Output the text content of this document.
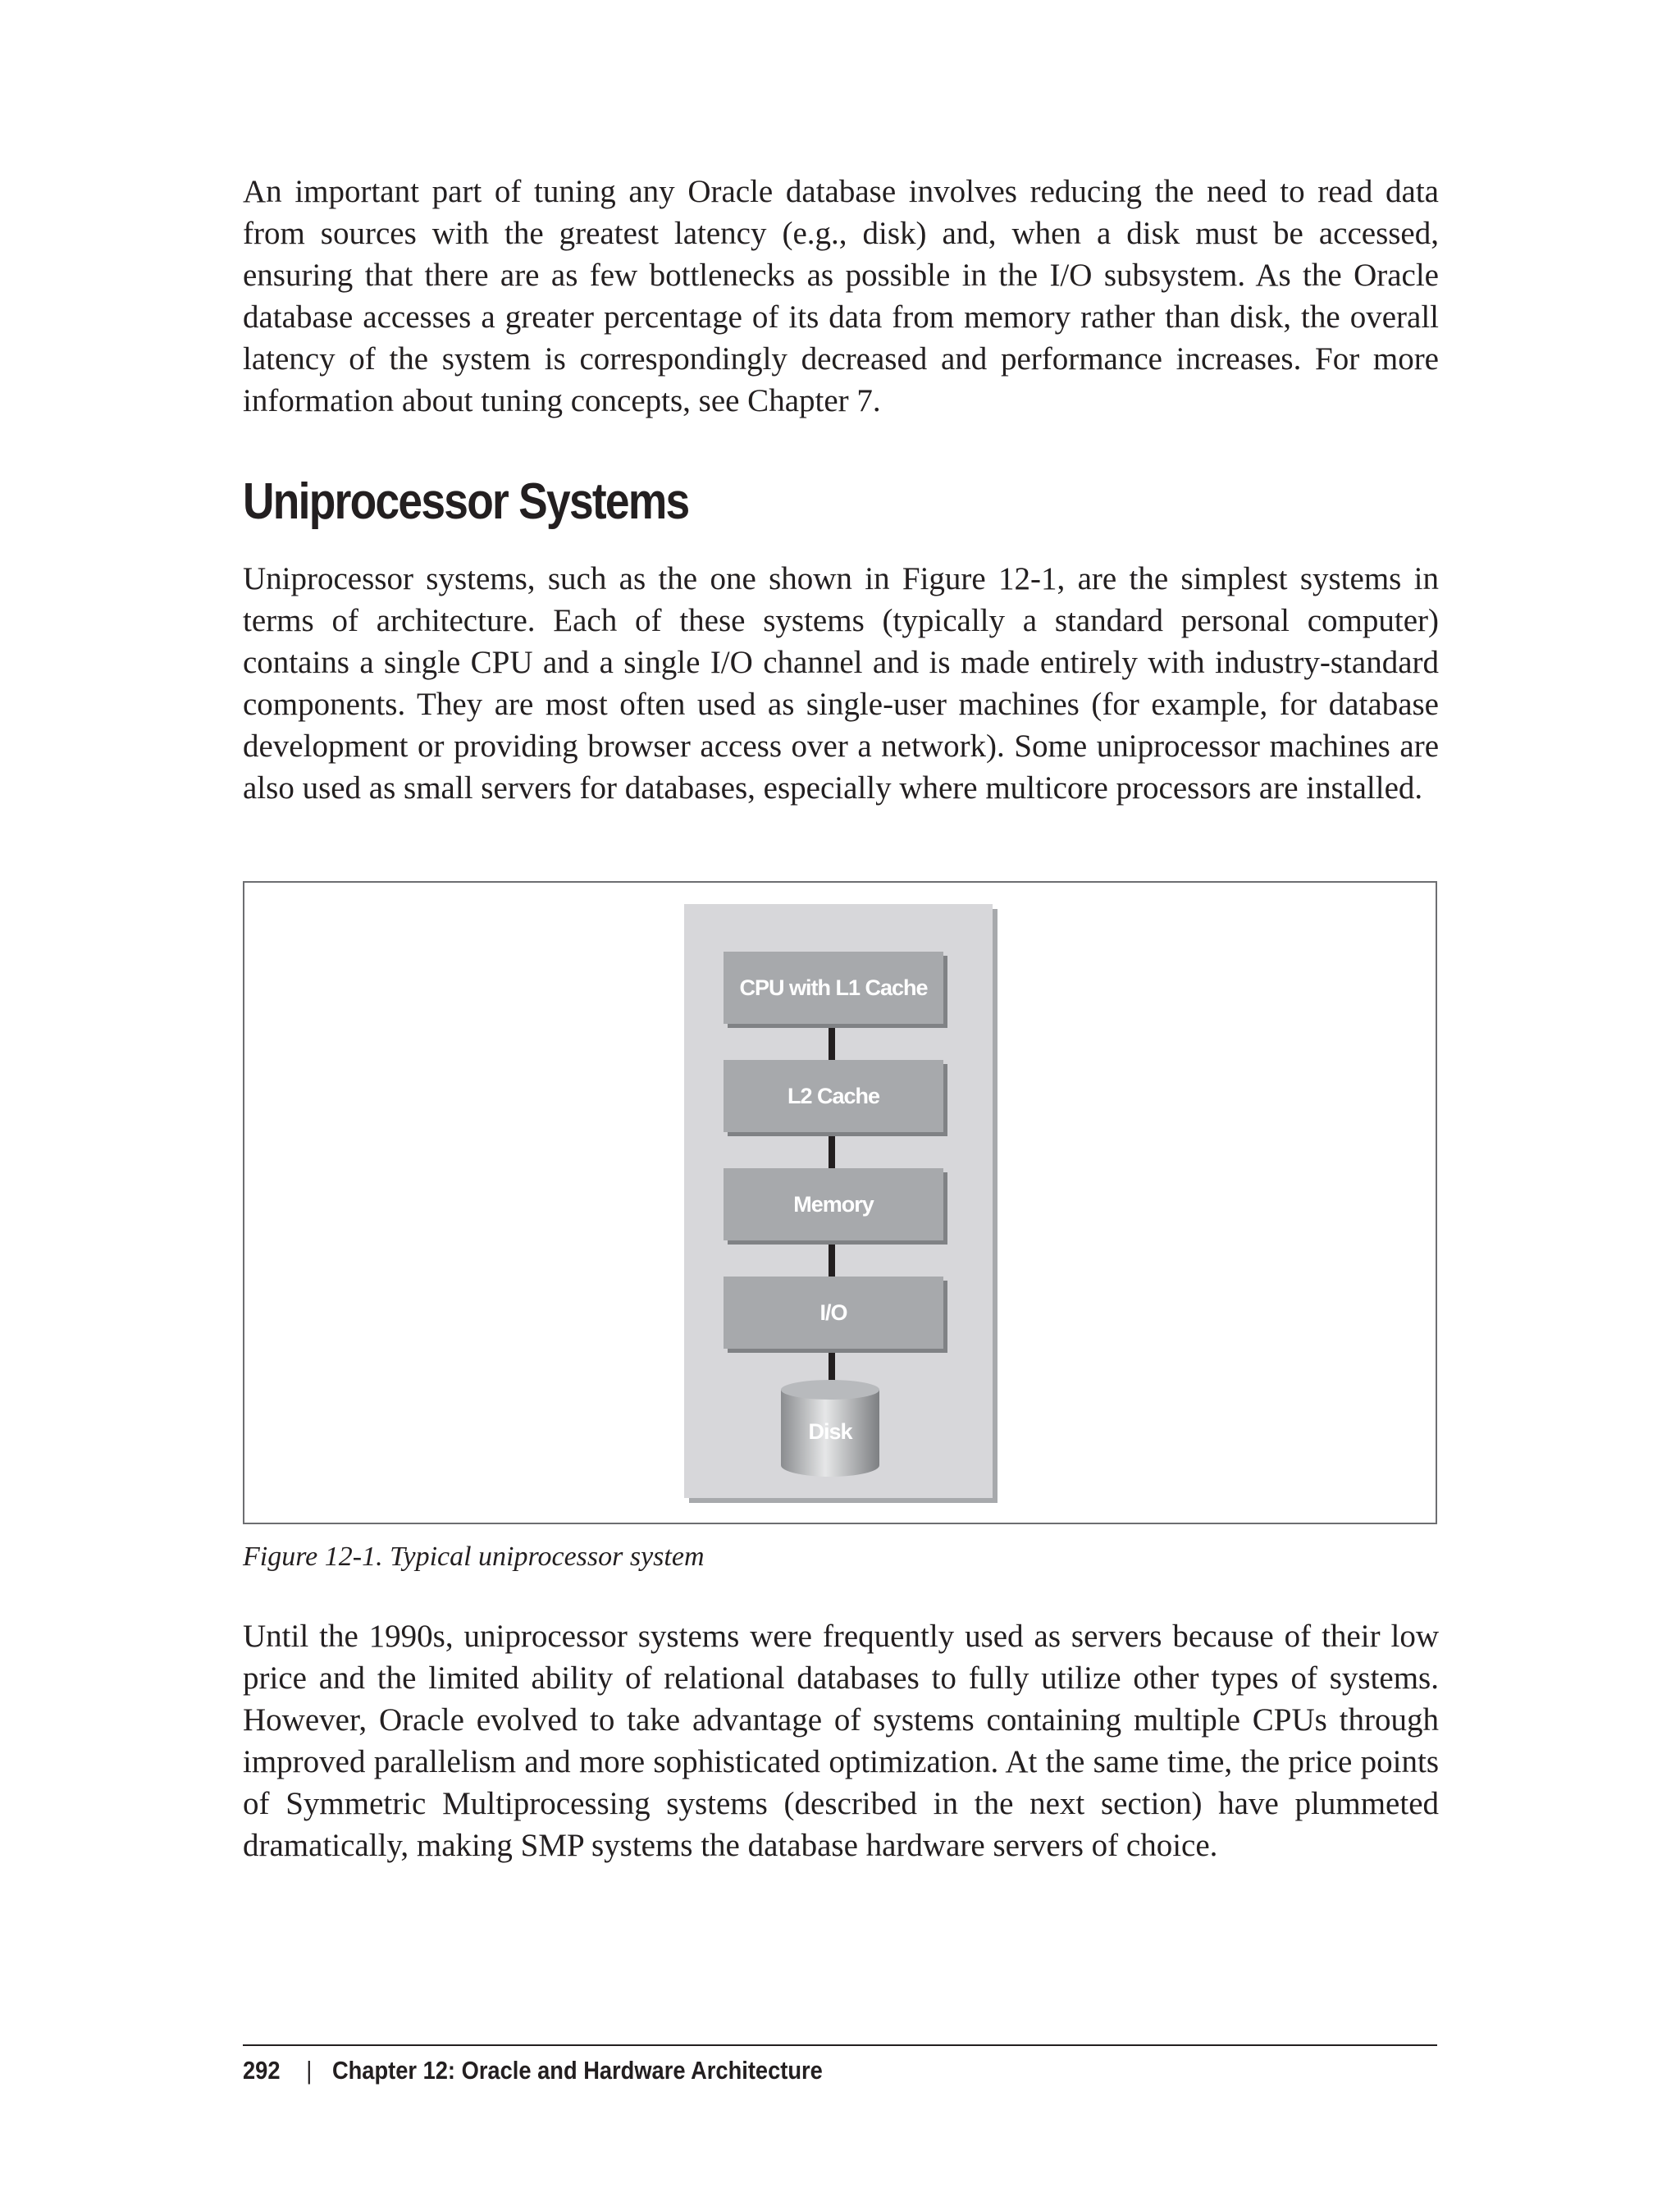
An important part of tuning any Oracle database involves reducing the need to read data from sources with the greatest latency (e.g., disk) and, when a disk must be accessed, ensuring that there are as few bottlenecks as possible in the I/O subsystem. As the Oracle database accesses a greater percentage of its data from memory rather than disk, the overall latency of the system is correspondingly decreased and performance increases. For more information about tuning concepts, see Chapter 7.

Uniprocessor Systems

Uniprocessor systems, such as the one shown in Figure 12-1, are the simplest systems in terms of architecture. Each of these systems (typically a standard personal computer) contains a single CPU and a single I/O channel and is made entirely with industry-standard components. They are most often used as single-user machines (for example, for database development or providing browser access over a network). Some uniprocessor machines are also used as small servers for databases, especially where multicore processors are installed.

CPU with L1 Cache
L2 Cache
Memory
I/O
Disk

Figure 12-1. Typical uniprocessor system

Until the 1990s, uniprocessor systems were frequently used as servers because of their low price and the limited ability of relational databases to fully utilize other types of systems. However, Oracle evolved to take advantage of systems containing multiple CPUs through improved parallelism and more sophisticated optimization. At the same time, the price points of Symmetric Multiprocessing systems (described in the next section) have plummeted dramatically, making SMP systems the database hardware servers of choice.

292 | Chapter 12: Oracle and Hardware Architecture
